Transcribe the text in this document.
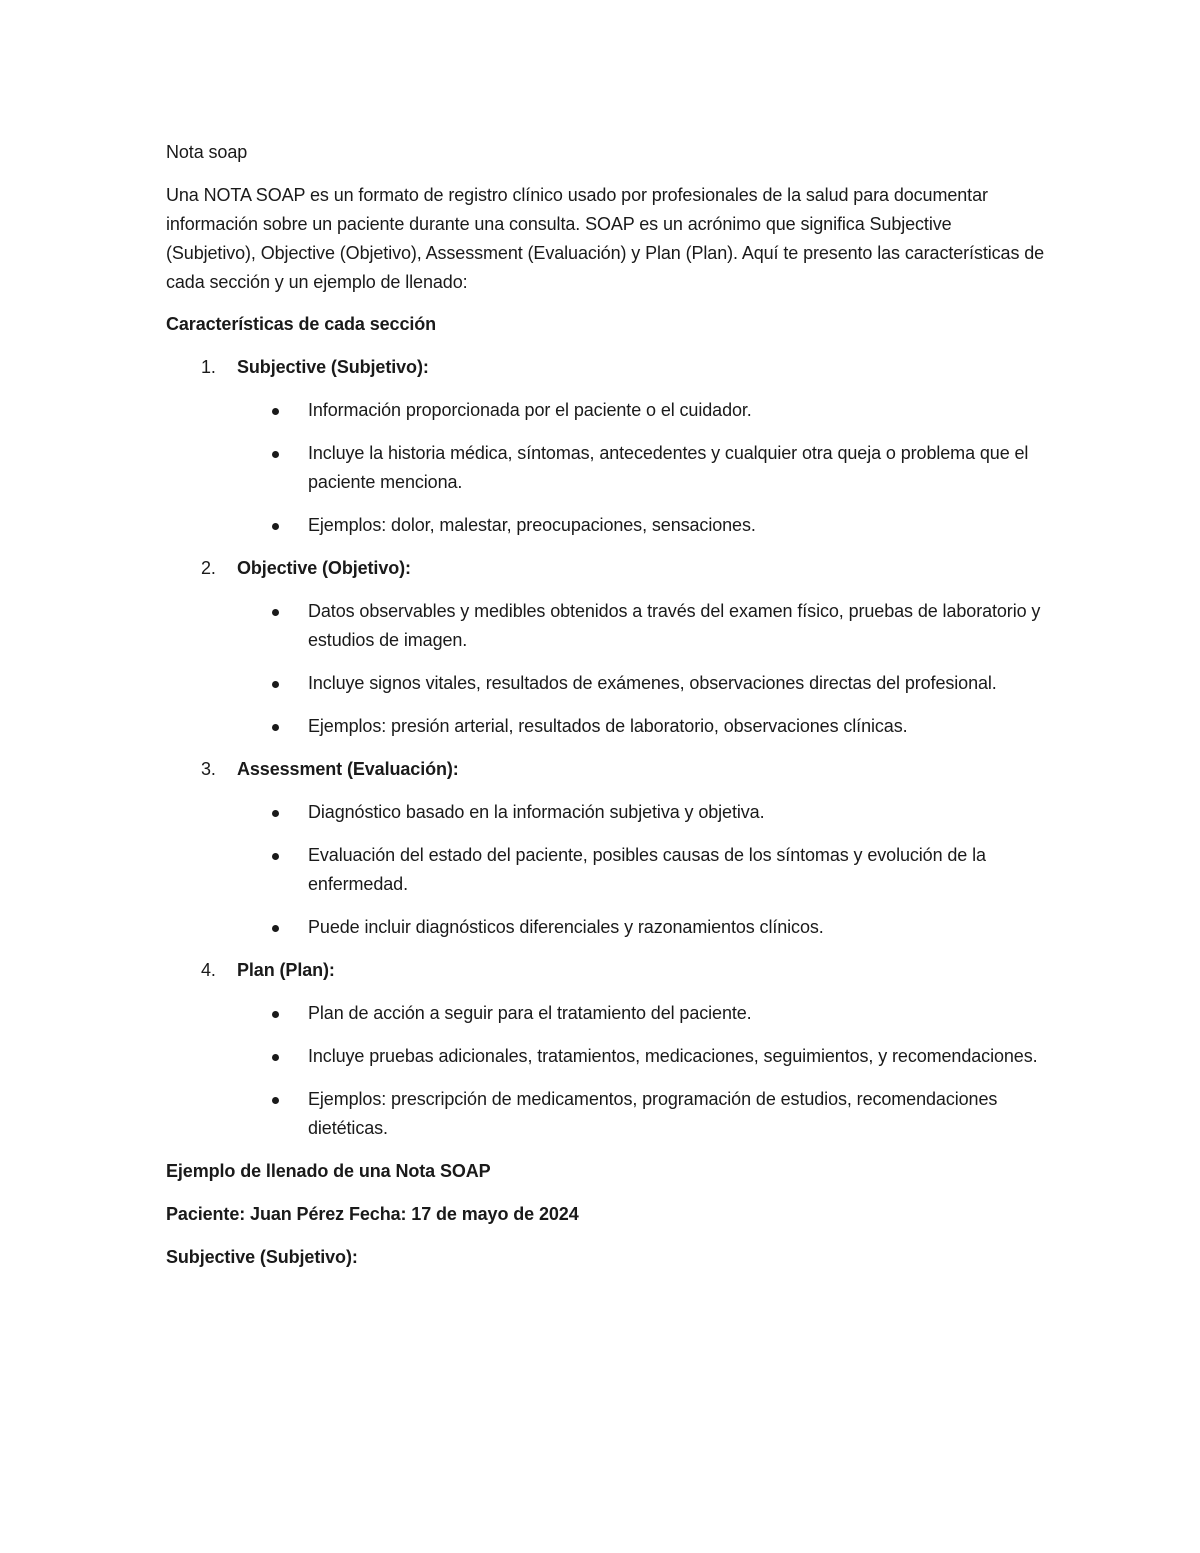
Nota soap

Una NOTA SOAP es un formato de registro clínico usado por profesionales de la salud para documentar información sobre un paciente durante una consulta. SOAP es un acrónimo que significa Subjective (Subjetivo), Objective (Objetivo), Assessment (Evaluación) y Plan (Plan). Aquí te presento las características de cada sección y un ejemplo de llenado:

Características de cada sección

1. Subjective (Subjetivo):

Información proporcionada por el paciente o el cuidador.
Incluye la historia médica, síntomas, antecedentes y cualquier otra queja o problema que el paciente menciona.
Ejemplos: dolor, malestar, preocupaciones, sensaciones.

2. Objective (Objetivo):

Datos observables y medibles obtenidos a través del examen físico, pruebas de laboratorio y estudios de imagen.
Incluye signos vitales, resultados de exámenes, observaciones directas del profesional.
Ejemplos: presión arterial, resultados de laboratorio, observaciones clínicas.

3. Assessment (Evaluación):

Diagnóstico basado en la información subjetiva y objetiva.
Evaluación del estado del paciente, posibles causas de los síntomas y evolución de la enfermedad.
Puede incluir diagnósticos diferenciales y razonamientos clínicos.

4. Plan (Plan):

Plan de acción a seguir para el tratamiento del paciente.
Incluye pruebas adicionales, tratamientos, medicaciones, seguimientos, y recomendaciones.
Ejemplos: prescripción de medicamentos, programación de estudios, recomendaciones dietéticas.

Ejemplo de llenado de una Nota SOAP

Paciente: Juan Pérez Fecha: 17 de mayo de 2024

Subjective (Subjetivo):
